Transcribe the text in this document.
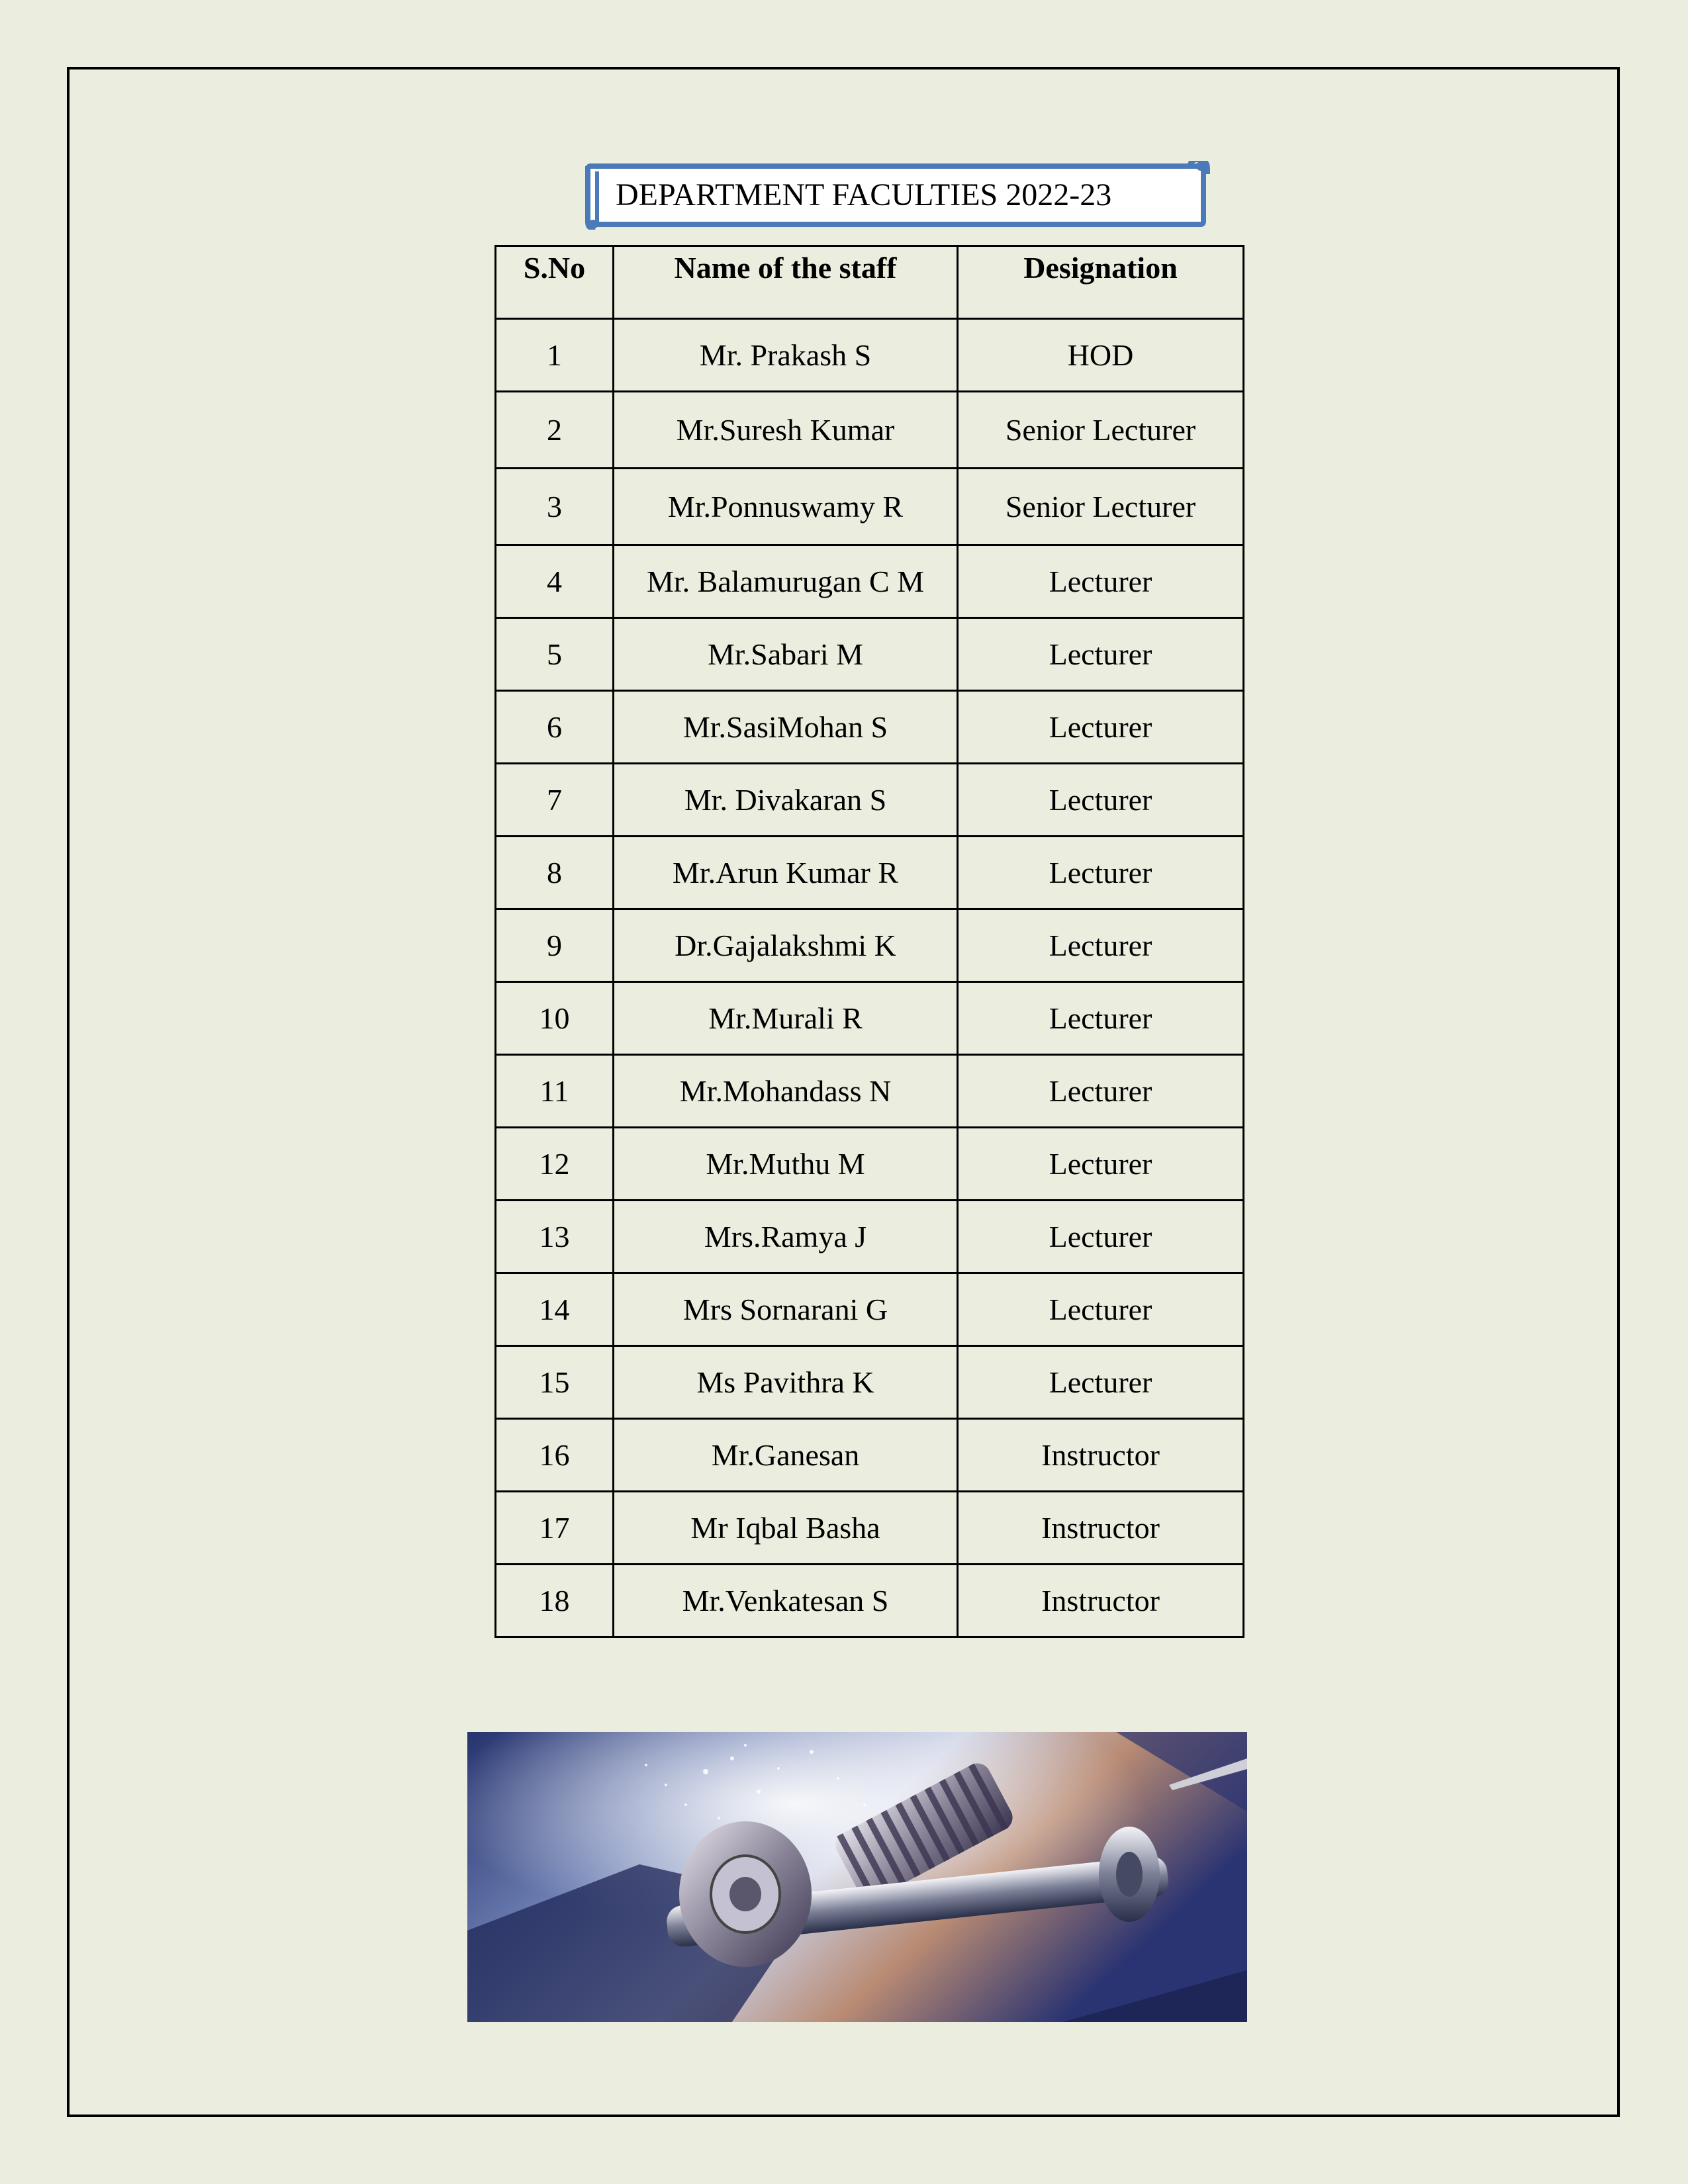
DEPARTMENT FACULTIES 2022-23
S.No	Name of the staff	Designation
1	Mr. Prakash S	HOD
2	Mr.Suresh Kumar	Senior Lecturer
3	Mr.Ponnuswamy R	Senior Lecturer
4	Mr. Balamurugan C M	Lecturer
5	Mr.Sabari M	Lecturer
6	Mr.SasiMohan S	Lecturer
7	Mr. Divakaran S	Lecturer
8	Mr.Arun Kumar R	Lecturer
9	Dr.Gajalakshmi K	Lecturer
10	Mr.Murali R	Lecturer
11	Mr.Mohandass N	Lecturer
12	Mr.Muthu M	Lecturer
13	Mrs.Ramya J	Lecturer
14	Mrs Sornarani G	Lecturer
15	Ms Pavithra K	Lecturer
16	Mr.Ganesan	Instructor
17	Mr Iqbal Basha	Instructor
18	Mr.Venkatesan S	Instructor
